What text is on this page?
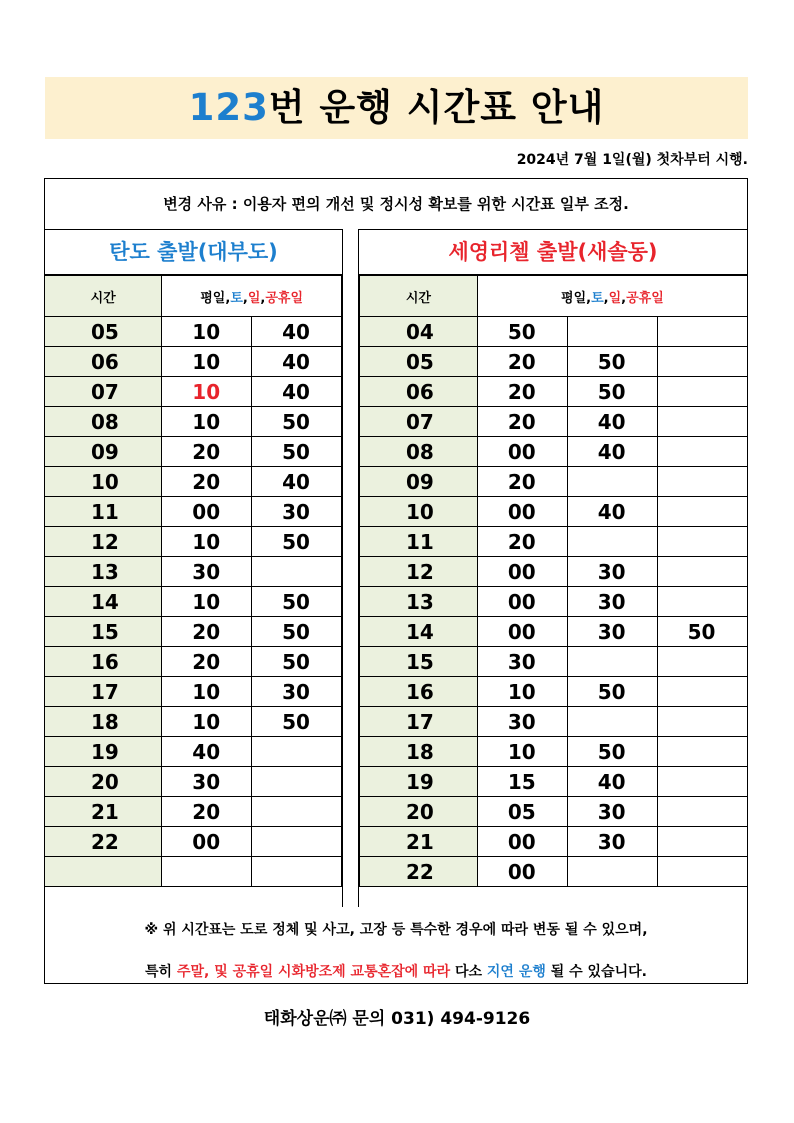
123번 운행 시간표 안내
2024년 7월 1일(월) 첫차부터 시행.
변경 사유 : 이용자 편의 개선 및 정시성 확보를 위한 시간표 일부 조정.
탄도 출발(대부도)
시간	평일,토,일,공휴일	
05	10	40
06	10	40
07	10	40
08	10	50
09	20	50
10	20	40
11	00	30
12	10	50
13	30	
14	10	50
15	20	50
16	20	50
17	10	30
18	10	50
19	40	
20	30	
21	20	
22	00	

세영리첼 출발(새솔동)
시간	평일,토,일,공휴일		
04	50		
05	20	50	
06	20	50	
07	20	40	
08	00	40	
09	20		
10	00	40	
11	20		
12	00	30	
13	00	30	
14	00	30	50
15	30		
16	10	50	
17	30		
18	10	50	
19	15	40	
20	05	30	
21	00	30	
22	00		
※ 위 시간표는 도로 정체 및 사고, 고장 등 특수한 경우에 따라 변동 될 수 있으며,
특히 주말, 및 공휴일 시화방조제 교통혼잡에 따라 다소 지연 운행 될 수 있습니다.
태화상운㈜ 문의 031) 494-9126
